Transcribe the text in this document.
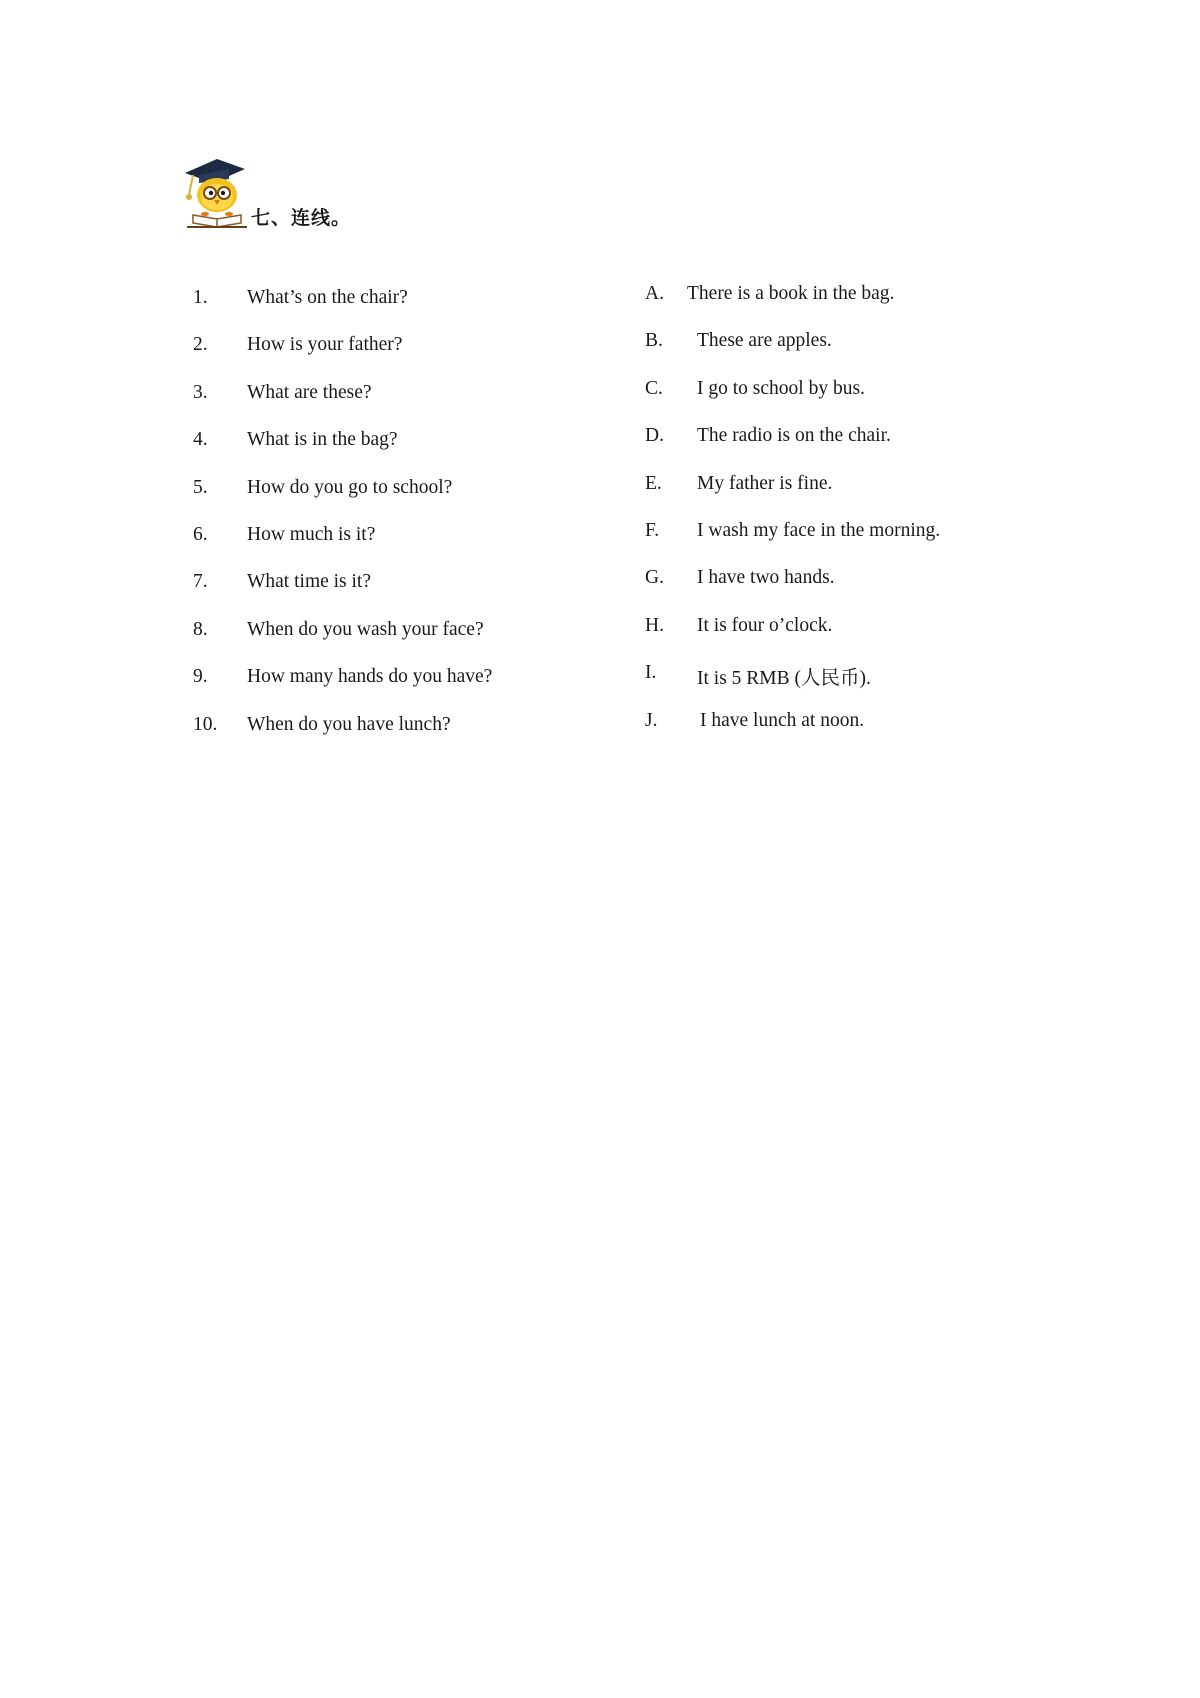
七、连线。
1. What’s on the chair?
2. How is your father?
3. What are these?
4. What is in the bag?
5. How do you go to school?
6. How much is it?
7. What time is it?
8. When do you wash your face?
9. How many hands do you have?
10. When do you have lunch?
A. There is a book in the bag.
B. These are apples.
C. I go to school by bus.
D. The radio is on the chair.
E. My father is fine.
F. I wash my face in the morning.
G. I have two hands.
H. It is four o’clock.
I. It is 5 RMB (人民币).
J. I have lunch at noon.
